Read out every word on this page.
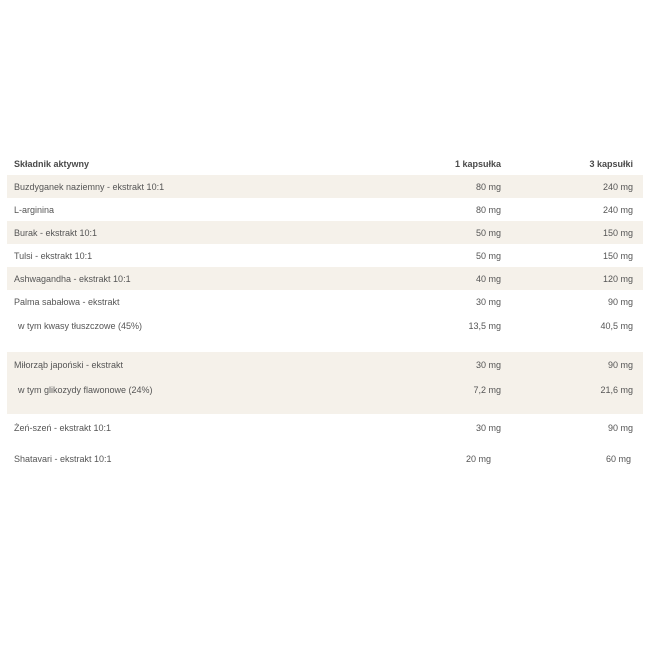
Składnik aktywny	1 kapsułka	3 kapsułki
Buzdyganek naziemny - ekstrakt 10:1	80 mg	240 mg
L-arginina	80 mg	240 mg
Burak - ekstrakt 10:1	50 mg	150 mg
Tulsi - ekstrakt 10:1	50 mg	150 mg
Ashwagandha - ekstrakt 10:1	40 mg	120 mg
Palma sabałowa - ekstrakt	30 mg	90 mg
w tym kwasy tłuszczowe (45%)	13,5 mg	40,5 mg
Miłorząb japoński - ekstrakt	30 mg	90 mg
w tym glikozydy flawonowe (24%)	7,2 mg	21,6 mg
Żeń-szeń - ekstrakt 10:1	30 mg	90 mg
Shatavari - ekstrakt 10:1	20 mg	60 mg
